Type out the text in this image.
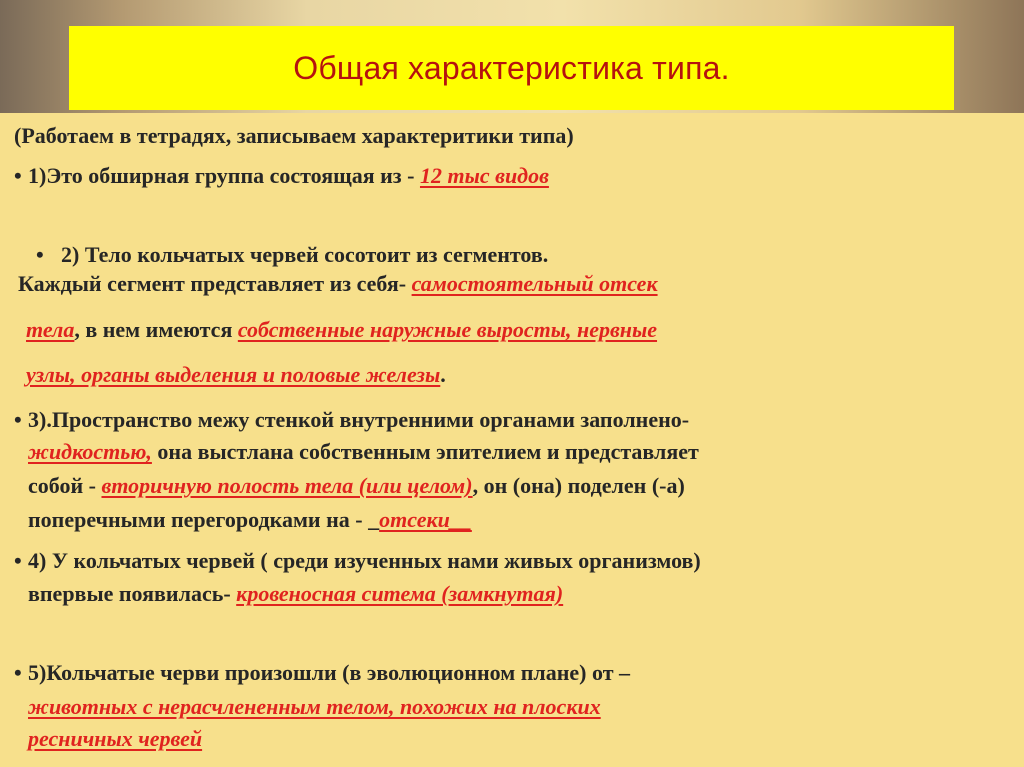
Общая характеристика типа.
(Работаем в тетрадях, записываем характеритики типа)
• 1)Это обширная группа состоящая из - 12 тыс видов

•  2) Тело кольчатых червей сосотоит из сегментов.

Каждый сегмент представляет из себя- самостоятельный отсек
тела, в нем имеются собственные наружные выросты, нервные
узлы, органы выделения и половые железы.
• 3).Пространство межу стенкой внутренними органами заполнено-
жидкостью, она выстлана собственным эпителием и представляет
собой - вторичную полость тела (или целом), он (она) поделен (-а)
поперечными перегородками на - _отсеки__
• 4) У кольчатых червей ( среди изученных нами живых организмов)
впервые появилась- кровеносная ситема (замкнутая)
• 5)Кольчатые черви произошли (в эволюционном плане) от –
животных с нерасчлененным телом, похожих на плоских
ресничных червей
